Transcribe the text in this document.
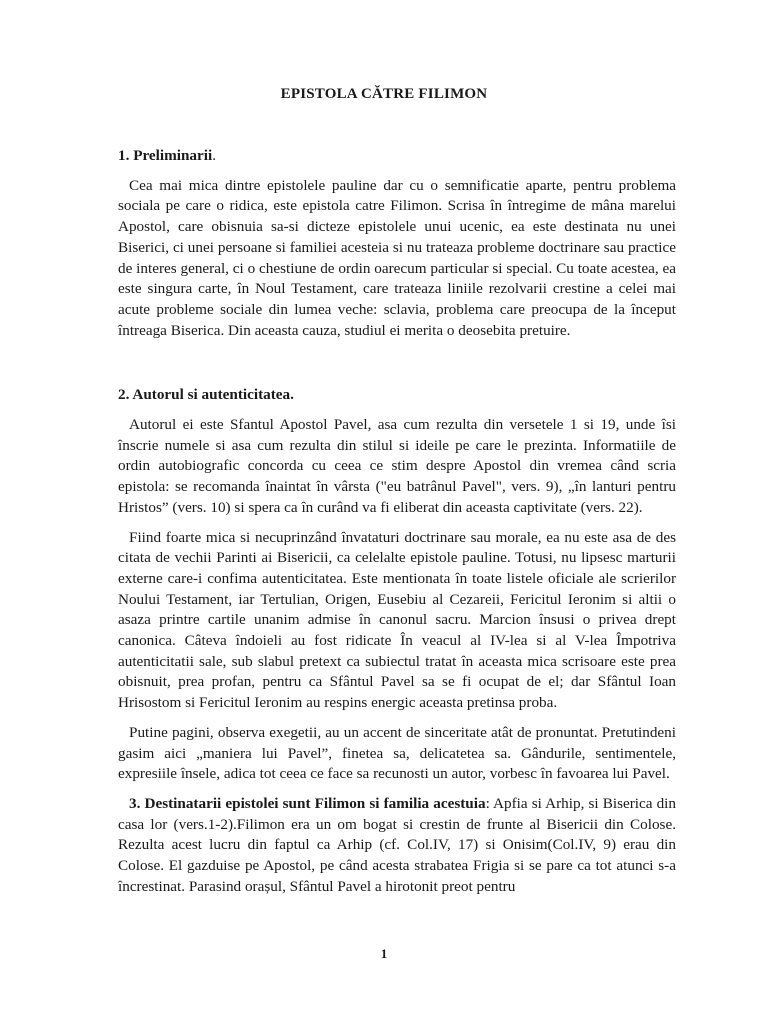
EPISTOLA CĂTRE FILIMON

1. Preliminarii.

Cea mai mica dintre epistolele pauline dar cu o semnificatie aparte, pentru problema sociala pe care o ridica, este epistola catre Filimon. Scrisa în întregime de mâna marelui Apostol, care obisnuia sa-si dicteze epistolele unui ucenic, ea este destinata nu unei Biserici, ci unei persoane si familiei acesteia si nu trateaza probleme doctrinare sau practice de interes general, ci o chestiune de ordin oarecum particular si special. Cu toate acestea, ea este singura carte, în Noul Testament, care trateaza liniile rezolvarii crestine a celei mai acute probleme sociale din lumea veche: sclavia, problema care preocupa de la început întreaga Biserica. Din aceasta cauza, studiul ei merita o deosebita pretuire.

2. Autorul si autenticitatea.

Autorul ei este Sfantul Apostol Pavel, asa cum rezulta din versetele 1 si 19, unde îsi înscrie numele si asa cum rezulta din stilul si ideile pe care le prezinta. Informatiile de ordin autobiografic concorda cu ceea ce stim despre Apostol din vremea când scria epistola: se recomanda înaintat în vârsta ("eu batrânul Pavel", vers. 9), „în lanturi pentru Hristos” (vers. 10) si spera ca în curând va fi eliberat din aceasta captivitate (vers. 22).

Fiind foarte mica si necuprinzând învataturi doctrinare sau morale, ea nu este asa de des citata de vechii Parinti ai Bisericii, ca celelalte epistole pauline. Totusi, nu lipsesc marturii externe care-i confima autenticitatea. Este mentionata în toate listele oficiale ale scrierilor Noului Testament, iar Tertulian, Origen, Eusebiu al Cezareii, Fericitul Ieronim si altii o asaza printre cartile unanim admise în canonul sacru. Marcion însusi o privea drept canonica. Câteva îndoieli au fost ridicate În veacul al IV-lea si al V-lea Împotriva autenticitatii sale, sub slabul pretext ca subiectul tratat în aceasta mica scrisoare este prea obisnuit, prea profan, pentru ca Sfântul Pavel sa se fi ocupat de el; dar Sfântul Ioan Hrisostom si Fericitul Ieronim au respins energic aceasta pretinsa proba.

Putine pagini, observa exegetii, au un accent de sinceritate atât de pronuntat. Pretutindeni gasim aici „maniera lui Pavel”, finetea sa, delicatetea sa. Gândurile, sentimentele, expresiile însele, adica tot ceea ce face sa recunosti un autor, vorbesc în favoarea lui Pavel.

3. Destinatarii epistolei sunt Filimon si familia acestuia: Apfia si Arhip, si Biserica din casa lor (vers.1-2).Filimon era un om bogat si crestin de frunte al Bisericii din Colose. Rezulta acest lucru din faptul ca Arhip (cf. Col.IV, 17) si Onisim(Col.IV, 9) erau din Colose. El gazduise pe Apostol, pe când acesta strabatea Frigia si se pare ca tot atunci s-a încrestinat. Parasind orașul, Sfântul Pavel a hirotonit preot pentru

1
